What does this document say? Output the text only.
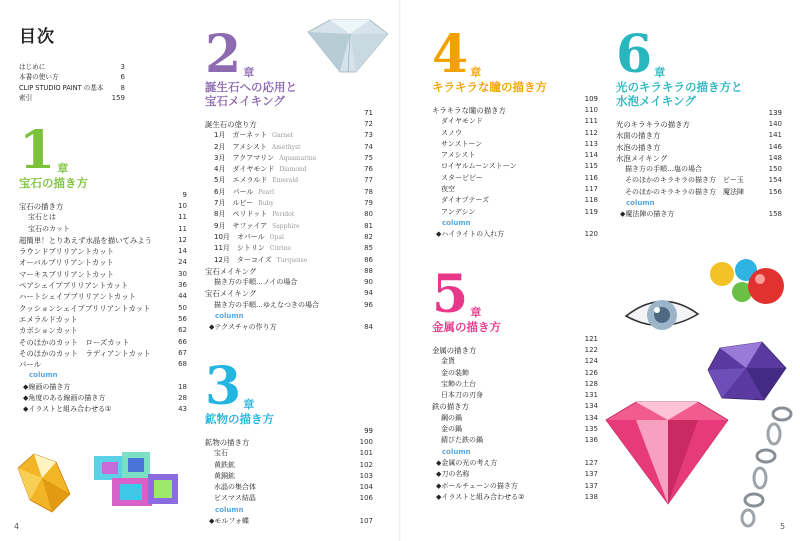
目次
はじめに	3
本書の使い方	6
CLIP STUDIO PAINT の基本	8
索引	159
1 章
宝石の描き方
9
宝石の描き方	10
宝石とは	11
宝石のカット	11
超簡単！とりあえず水晶を描いてみよう	12
ラウンドブリリアントカット	14
オーバルブリリアントカット	24
マーキスブリリアントカット	30
ペアシェイプブリリアントカット	36
ハートシェイプブリリアントカット	44
クッションシェイプブリリアントカット	50
エメラルドカット	56
カボションカット	62
そのほかのカット　ローズカット	66
そのほかのカット　ラディアントカット	67
パール	68
column
◆線画の描き方	18
◆角度のある線画の描き方	28
◆イラストと組み合わせる①	43
2 章
誕生石への応用と
宝石メイキング
71
誕生石の塗り方	72
1月　ガーネット Garnet	73
2月　アメシスト Amethyst	74
3月　アクアマリン Aquamarine	75
4月　ダイヤモンド Diamond	76
5月　エメラルド Emerald	77
6月　パール Pearl	78
7月　ルビー Ruby	79
8月　ペリドット Peridot	80
9月　サファイア Sapphire	81
10月　オパール Opal	82
11月　シトリン Citrine	85
12月　ターコイズ Turquoise	86
宝石メイキング	88
描き方の手順…ノイの場合	90
宝石メイキング	94
描き方の手順…ゆえなつきの場合	96
column
◆テクスチャの作り方	84
3 章
鉱物の描き方
99
鉱物の描き方	100
宝石	101
黄鉄鉱	102
黄銅鉱	103
水晶の集合体	104
ビスマス結晶	106
column
◆モルフォ蝶	107
4
4 章
キラキラな瞳の描き方
109
キラキラな瞳の描き方	110
ダイヤモンド	111
スノウ	112
サンストーン	113
アメシスト	114
ロイヤルムーンストーン	115
スターピピー	116
夜空	117
ダイオプテーズ	118
アンデシン	119
column
◆ハイライトの入れ方	120
5 章
金属の描き方
121
金属の描き方	122
金貨	124
金の装飾	126
宝飾の土台	128
日本刀の刃身	131
鉄の描き方	134
鋼の鍋	134
金の鍋	135
錆びた鉄の鍋	136
column
◆金属の光の考え方	127
◆刀の名称	137
◆ボールチェーンの描き方	137
◆イラストと組み合わせる②	138
6 章
光のキラキラの描き方と
水泡メイキング
139
光のキラキラの描き方	140
水面の描き方	141
水泡の描き方	146
水泡メイキング	148
描き方の手順…塩の場合	150
そのほかのキラキラの描き方　ビー玉	154
そのほかのキラキラの描き方　魔法陣	156
column
◆魔法陣の描き方	158
5
